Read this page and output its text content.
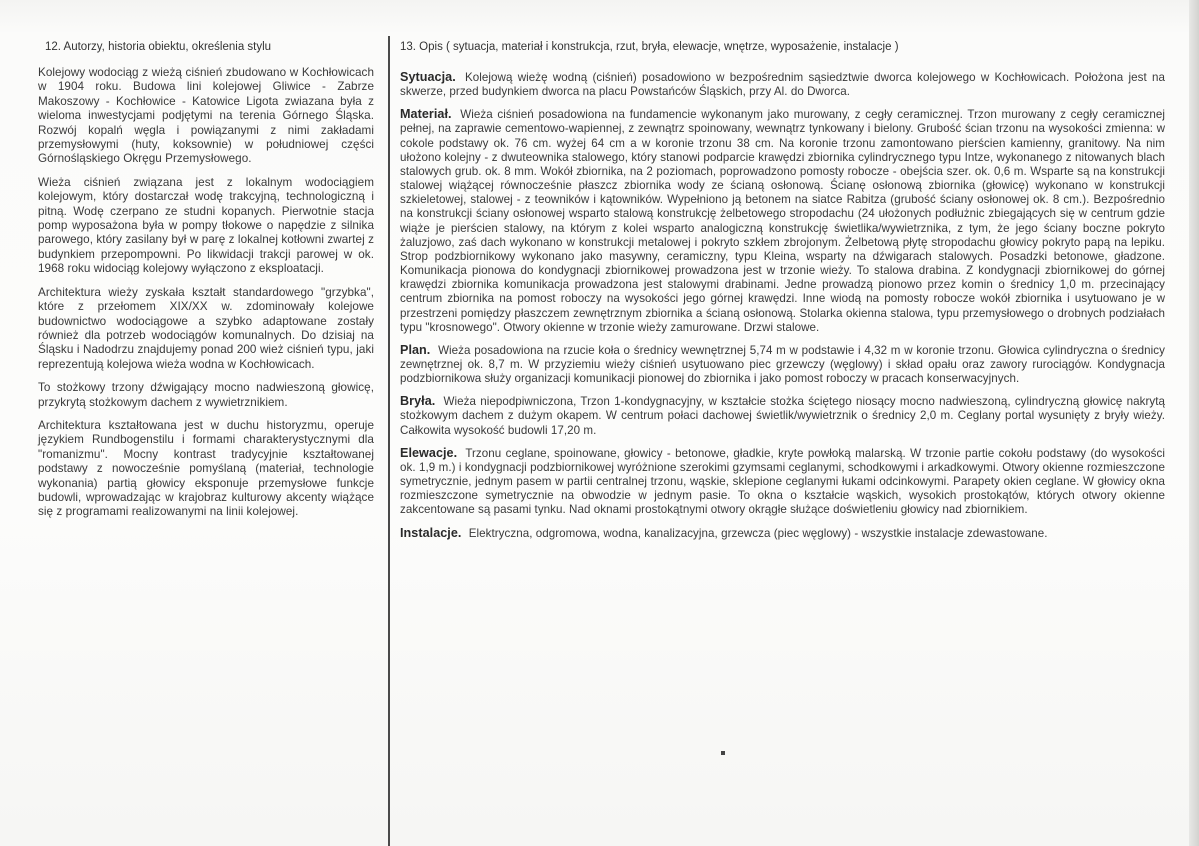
12. Autorzy, historia obiektu, określenia stylu

Kolejowy wodociąg z wieżą ciśnień zbudowano w Kochłowicach w 1904 roku. Budowa lini kolejowej Gliwice - Zabrze Makoszowy - Kochłowice - Katowice Ligota zwiazana była z wieloma inwestycjami podjętymi na terenia Górnego Śląska. Rozwój kopalń węgla i powiązanymi z nimi zakładami przemysłowymi (huty, koksownie) w południowej części Górnośląskiego Okręgu Przemysłowego.

Wieża ciśnień związana jest z lokalnym wodociągiem kolejowym, który dostarczał wodę trakcyjną, technologiczną i pitną. Wodę czerpano ze studni kopanych. Pierwotnie stacja pomp wyposażona była w pompy tłokowe o napędzie z silnika parowego, który zasilany był w parę z lokalnej kotłowni zwartej z budynkiem przepompowni. Po likwidacji trakcji parowej w ok. 1968 roku widociąg kolejowy wyłączono z eksploatacji.

Architektura wieży zyskała kształt standardowego "grzybka", które z przełomem XIX/XX w. zdominowały kolejowe budownictwo wodociągowe a szybko adaptowane zostały również dla potrzeb wodociągów komunalnych. Do dzisiaj na Śląsku i Nadodrzu znajdujemy ponad 200 wież ciśnień typu, jaki reprezentują kolejowa wieża wodna w Kochłowicach.

To stożkowy trzony dźwigający mocno nadwieszoną głowicę, przykrytą stożkowym dachem z wywietrznikiem.

Architektura kształtowana jest w duchu historyzmu, operuje językiem Rundbogenstilu i formami charakterystycznymi dla "romanizmu". Mocny kontrast tradycyjnie kształtowanej podstawy z nowocześnie pomyślaną (materiał, technologie wykonania) partią głowicy eksponuje przemysłowe funkcje budowli, wprowadzając w krajobraz kulturowy akcenty wiążące się z programami realizowanymi na linii kolejowej.

13. Opis ( sytuacja, materiał i konstrukcja, rzut, bryła, elewacje, wnętrze, wyposażenie, instalacje )

Sytuacja. Kolejową wieżę wodną (ciśnień) posadowiono w bezpośrednim sąsiedztwie dworca kolejowego w Kochłowicach. Położona jest na skwerze, przed budynkiem dworca na placu Powstańców Śląskich, przy Al. do Dworca.

Materiał. Wieża ciśnień posadowiona na fundamencie wykonanym jako murowany, z cegły ceramicznej. Trzon murowany z cegły ceramicznej pełnej, na zaprawie cementowo-wapiennej, z zewnątrz spoinowany, wewnątrz tynkowany i bielony. Grubość ścian trzonu na wysokości zmienna: w cokole podstawy ok. 76 cm. wyżej 64 cm a w koronie trzonu 38 cm. Na koronie trzonu zamontowano pierścien kamienny, granitowy. Na nim ułożono kolejny - z dwuteownika stalowego, który stanowi podparcie krawędzi zbiornika cylindrycznego typu Intze, wykonanego z nitowanych blach stalowych grub. ok. 8 mm. Wokół zbiornika, na 2 poziomach, poprowadzono pomosty robocze - obejścia szer. ok. 0,6 m. Wsparte są na konstrukcji stalowej wiążącej równocześnie płaszcz zbiornika wody ze ścianą osłonową. Ścianę osłonową zbiornika (głowicę) wykonano w konstrukcji szkieletowej, stalowej - z teowników i kątowników. Wypełniono ją betonem na siatce Rabitza (grubość ściany osłonowej ok. 8 cm.). Bezpośrednio na konstrukcji ściany osłonowej wsparto stalową konstrukcję żelbetowego stropodachu (24 ułożonych podłużnic zbiegających się w centrum gdzie wiąże je pierścien stalowy, na którym z kolei wsparto analogiczną konstrukcję świetlika/wywietrznika, z tym, że jego ściany boczne pokryto żaluzjowo, zaś dach wykonano w konstrukcji metalowej i pokryto szkłem zbrojonym. Żelbetową płytę stropodachu głowicy pokryto papą na lepiku. Strop podzbiornikowy wykonano jako masywny, ceramiczny, typu Kleina, wsparty na dźwigarach stalowych. Posadzki betonowe, gładzone. Komunikacja pionowa do kondygnacji zbiornikowej prowadzona jest w trzonie wieży. To stalowa drabina. Z kondygnacji zbiornikowej do górnej krawędzi zbiornika komunikacja prowadzona jest stalowymi drabinami. Jedne prowadzą pionowo przez komin o średnicy 1,0 m. przecinający centrum zbiornika na pomost roboczy na wysokości jego górnej krawędzi. Inne wiodą na pomosty robocze wokół zbiornika i usytuowano je w przestrzeni pomiędzy płaszczem zewnętrznym zbiornika a ścianą osłonową. Stolarka okienna stalowa, typu przemysłowego o drobnych podziałach typu "krosnowego". Otwory okienne w trzonie wieży zamurowane. Drzwi stalowe.

Plan. Wieża posadowiona na rzucie koła o średnicy wewnętrznej 5,74 m w podstawie i 4,32 m w koronie trzonu. Głowica cylindryczna o średnicy zewnętrznej ok. 8,7 m. W przyziemiu wieży ciśnień usytuowano piec grzewczy (węglowy) i skład opału oraz zawory rurociągów. Kondygnacja podzbiornikowa służy organizacji komunikacji pionowej do zbiornika i jako pomost roboczy w pracach konserwacyjnych.

Bryła. Wieża niepodpiwniczona, Trzon 1-kondygnacyjny, w kształcie stożka ściętego niosący mocno nadwieszoną, cylindryczną głowicę nakrytą stożkowym dachem z dużym okapem. W centrum połaci dachowej świetlik/wywietrznik o średnicy 2,0 m. Ceglany portal wysunięty z bryły wieży. Całkowita wysokość budowli 17,20 m.

Elewacje. Trzonu ceglane, spoinowane, głowicy - betonowe, gładkie, kryte powłoką malarską. W trzonie partie cokołu podstawy (do wysokości ok. 1,9 m.) i kondygnacji podzbiornikowej wyróżnione szerokimi gzymsami ceglanymi, schodkowymi i arkadkowymi. Otwory okienne rozmieszczone symetrycznie, jednym pasem w partii centralnej trzonu, wąskie, sklepione ceglanymi łukami odcinkowymi. Parapety okien ceglane. W głowicy okna rozmieszczone symetrycznie na obwodzie w jednym pasie. To okna o kształcie wąskich, wysokich prostokątów, których otwory okienne zakcentowane są pasami tynku. Nad oknami prostokątnymi otwory okrągłe służące doświetleniu głowicy nad zbiornikiem.

Instalacje. Elektryczna, odgromowa, wodna, kanalizacyjna, grzewcza (piec węglowy) - wszystkie instalacje zdewastowane.
